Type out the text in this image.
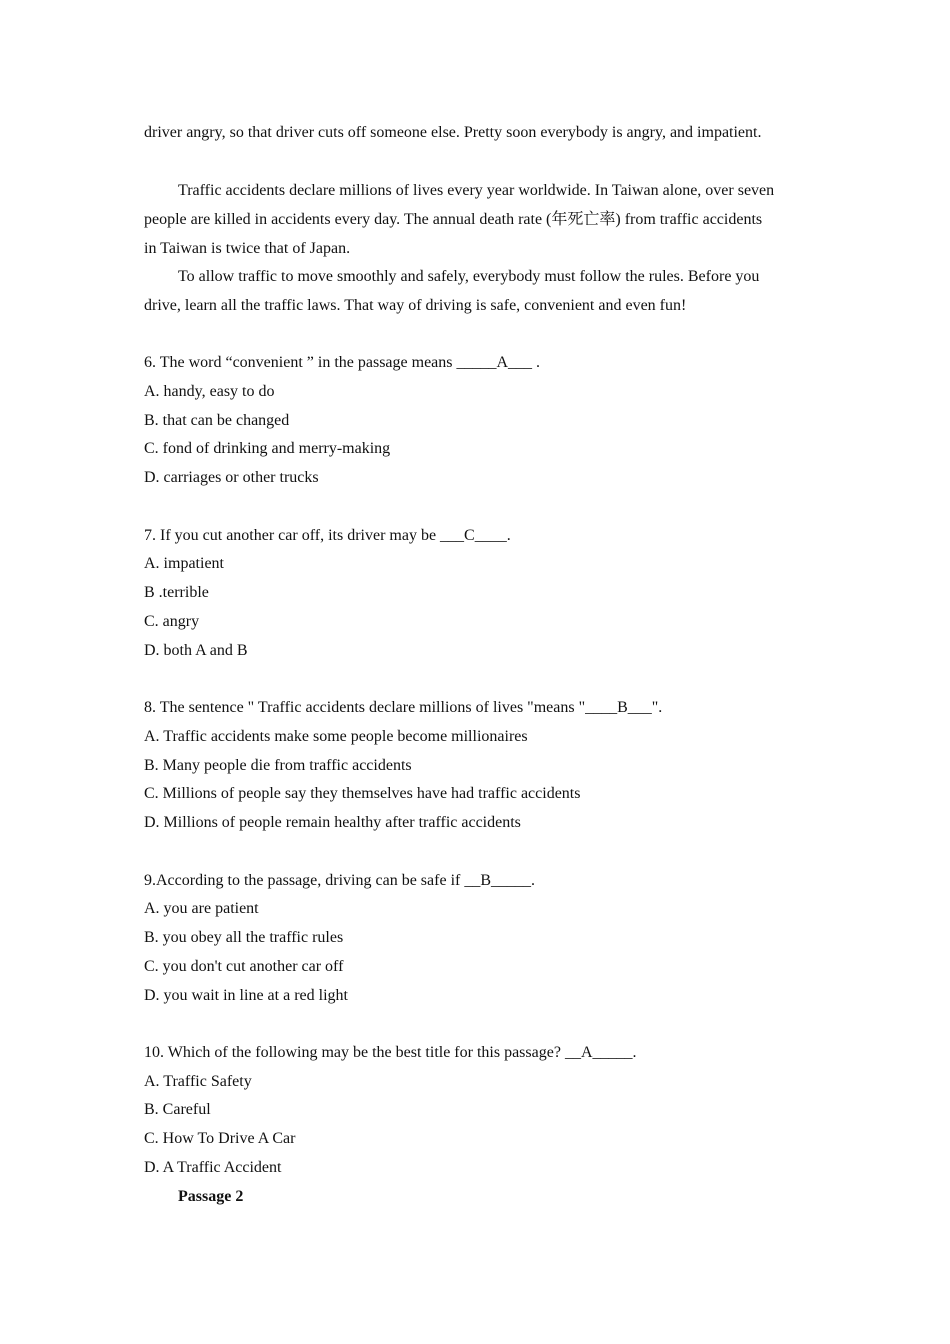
driver angry, so that driver cuts off someone else. Pretty soon everybody is angry, and impatient.
Traffic accidents declare millions of lives every year worldwide. In Taiwan alone, over seven
people are killed in accidents every day. The annual death rate (年死亡率) from traffic accidents
in Taiwan is twice that of Japan.
To allow traffic to move smoothly and safely, everybody must follow the rules. Before you
drive, learn all the traffic laws. That way of driving is safe, convenient and even fun!
6. The word “convenient ” in the passage means _____A___ .
A. handy, easy to do
B. that can be changed
C. fond of drinking and merry-making
D. carriages or other trucks
7. If you cut another car off, its driver may be ___C____.
A. impatient
B .terrible
C. angry
D. both A and B
8. The sentence " Traffic accidents declare millions of lives "means "____B___".
A. Traffic accidents make some people become millionaires
B. Many people die from traffic accidents
C. Millions of people say they themselves have had traffic accidents
D. Millions of people remain healthy after traffic accidents
9.According to the passage, driving can be safe if __B_____.
A. you are patient
B. you obey all the traffic rules
C. you don't cut another car off
D. you wait in line at a red light
10. Which of the following may be the best title for this passage? __A_____.
A. Traffic Safety
B. Careful
C. How To Drive A Car
D. A Traffic Accident
Passage 2
